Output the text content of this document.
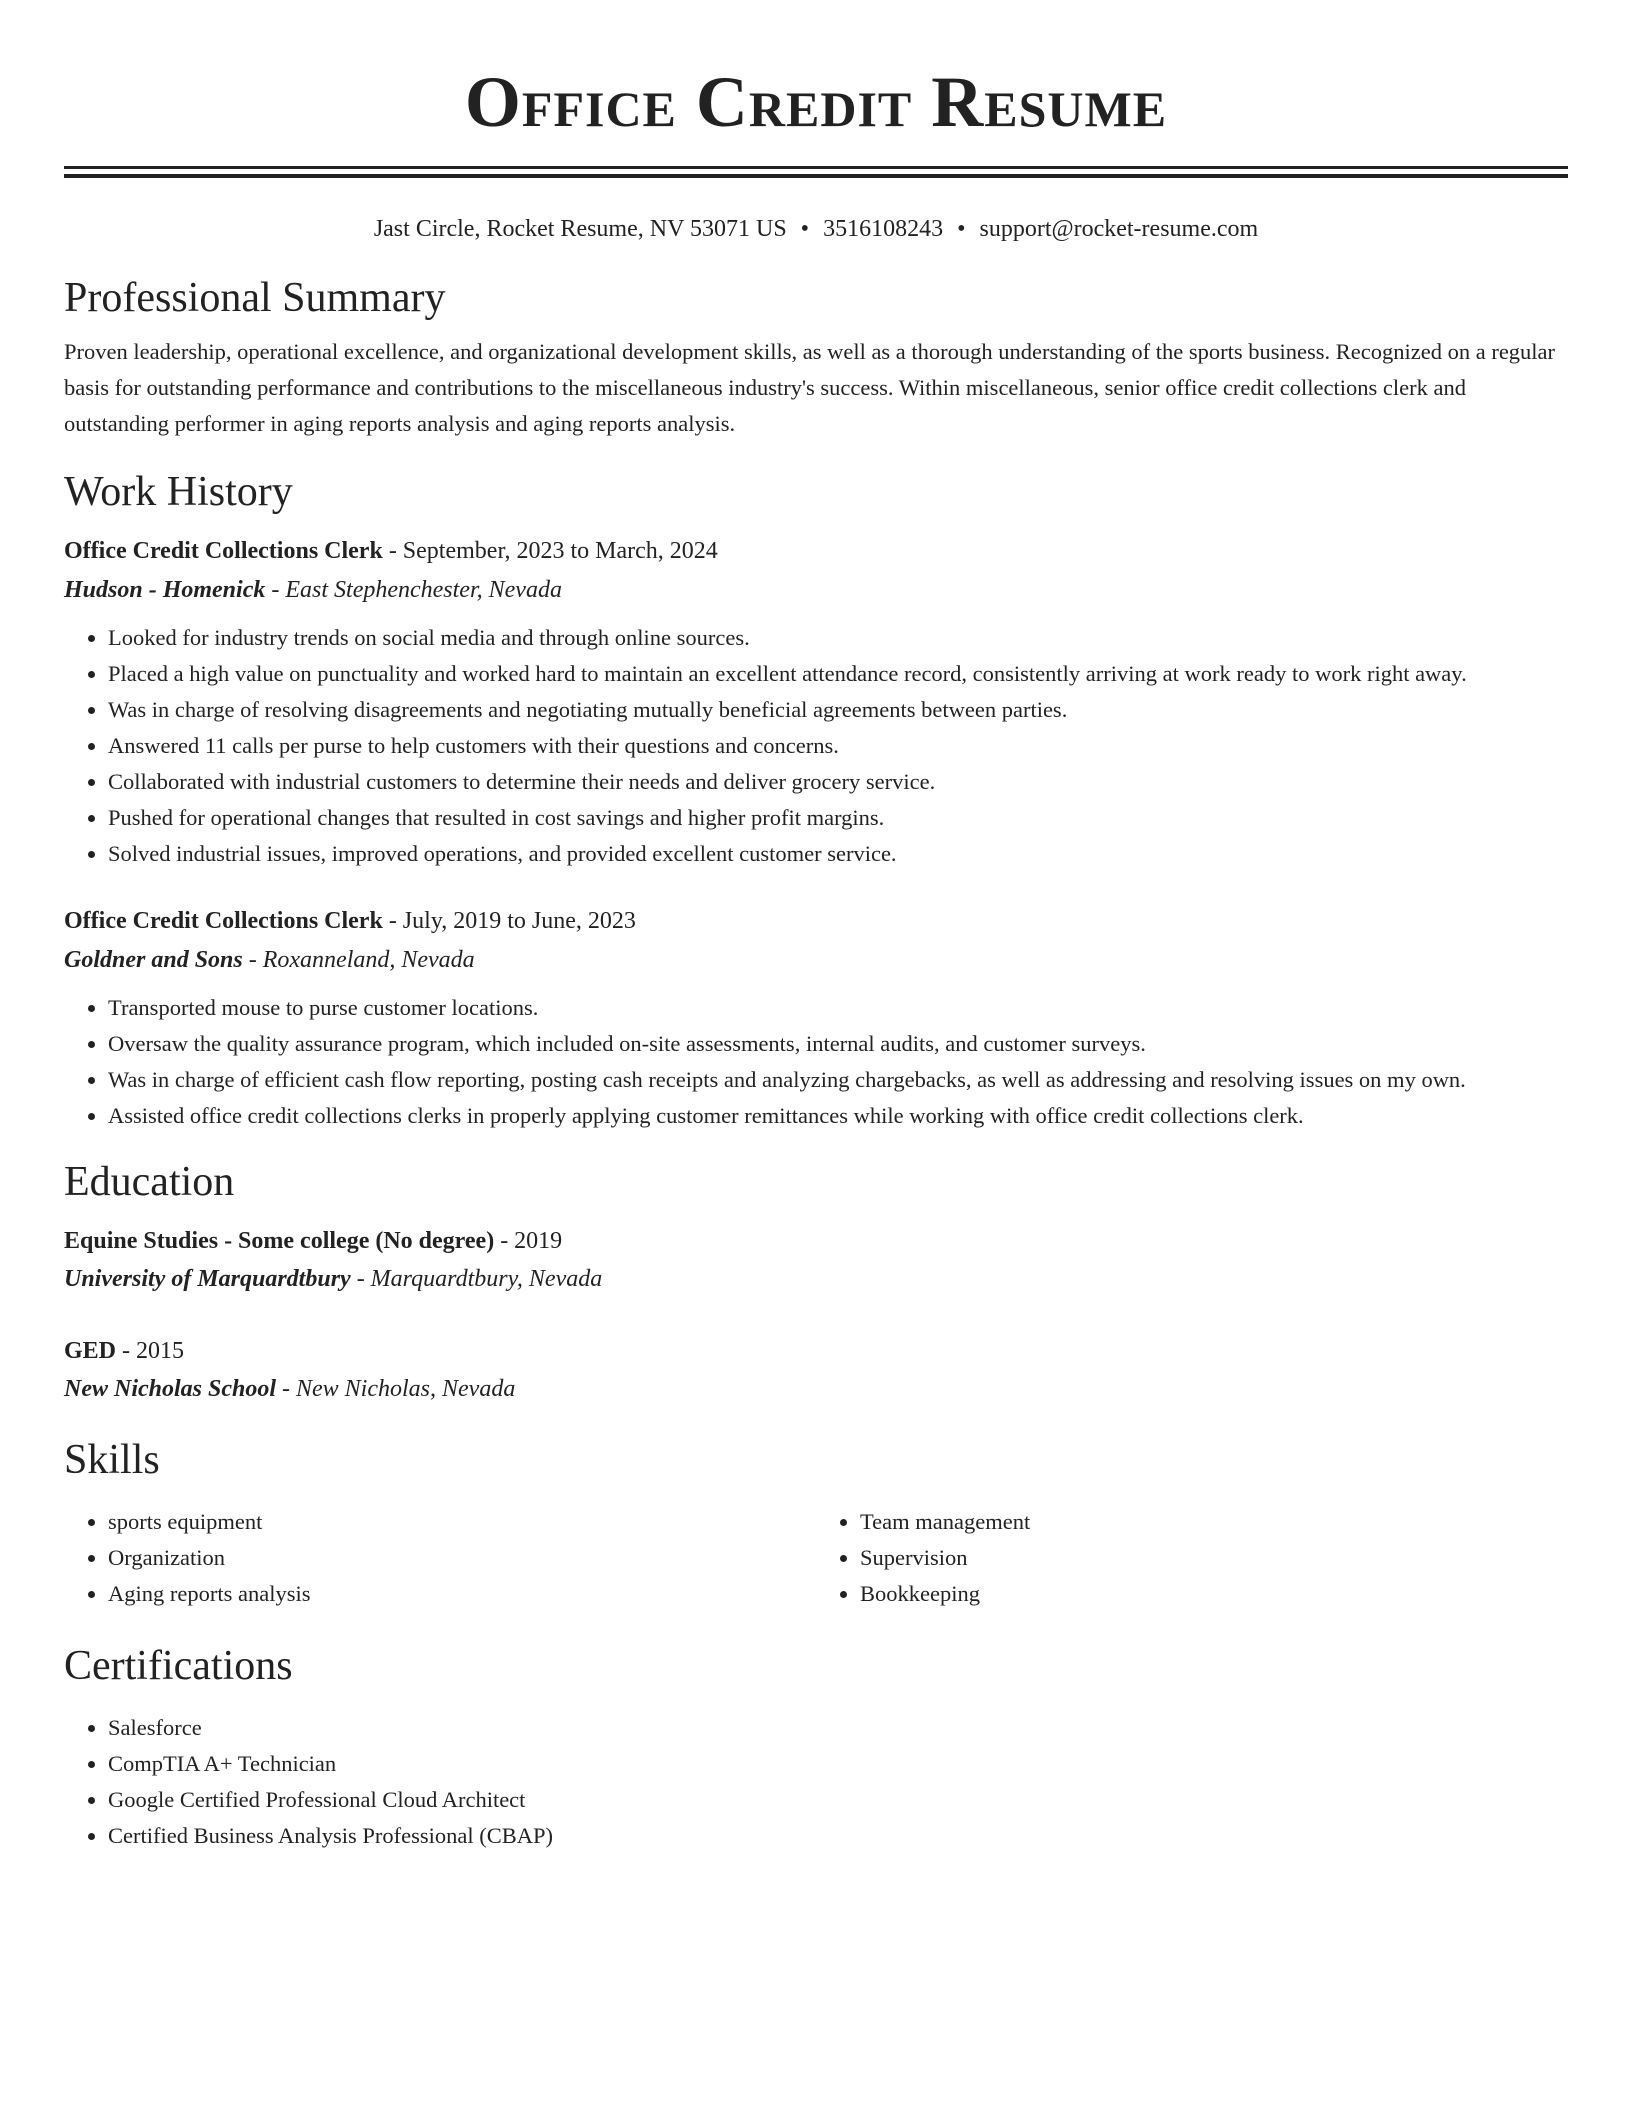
Office Credit Resume
Jast Circle, Rocket Resume, NV 53071 US • 3516108243 • support@rocket-resume.com
Professional Summary

Proven leadership, operational excellence, and organizational development skills, as well as a thorough understanding of the sports business. Recognized on a regular basis for outstanding performance and contributions to the miscellaneous industry's success. Within miscellaneous, senior office credit collections clerk and outstanding performer in aging reports analysis and aging reports analysis.

Work History
Office Credit Collections Clerk - September, 2023 to March, 2024
Hudson - Homenick - East Stephenchester, Nevada
• Looked for industry trends on social media and through online sources.
• Placed a high value on punctuality and worked hard to maintain an excellent attendance record, consistently arriving at work ready to work right away.
• Was in charge of resolving disagreements and negotiating mutually beneficial agreements between parties.
• Answered 11 calls per purse to help customers with their questions and concerns.
• Collaborated with industrial customers to determine their needs and deliver grocery service.
• Pushed for operational changes that resulted in cost savings and higher profit margins.
• Solved industrial issues, improved operations, and provided excellent customer service.
Office Credit Collections Clerk - July, 2019 to June, 2023
Goldner and Sons - Roxanneland, Nevada
• Transported mouse to purse customer locations.
• Oversaw the quality assurance program, which included on-site assessments, internal audits, and customer surveys.
• Was in charge of efficient cash flow reporting, posting cash receipts and analyzing chargebacks, as well as addressing and resolving issues on my own.
• Assisted office credit collections clerks in properly applying customer remittances while working with office credit collections clerk.
Education
Equine Studies - Some college (No degree) - 2019
University of Marquardtbury - Marquardtbury, Nevada
GED - 2015
New Nicholas School - New Nicholas, Nevada
Skills
• sports equipment
• Organization
• Aging reports analysis
• Team management
• Supervision
• Bookkeeping
Certifications
• Salesforce
• CompTIA A+ Technician
• Google Certified Professional Cloud Architect
• Certified Business Analysis Professional (CBAP)
